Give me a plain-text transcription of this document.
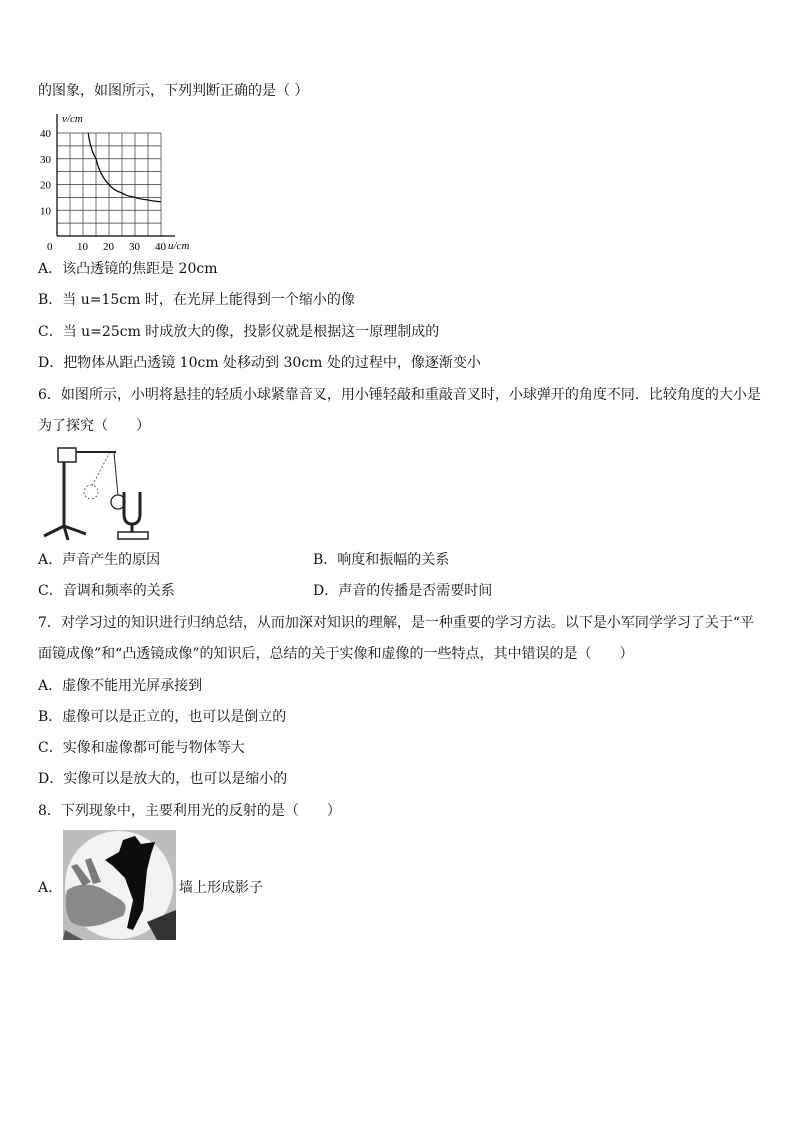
的图象，如图所示，下列判断正确的是（ ）
0 10 20 30 40
10
20
30
40
v/cm
u/cm
A．该凸透镜的焦距是 20cm
B．当 u=15cm 时，在光屏上能得到一个缩小的像
C．当 u=25cm 时成放大的像，投影仪就是根据这一原理制成的
D．把物体从距凸透镜 10cm 处移动到 30cm 处的过程中，像逐渐变小
6．如图所示，小明将悬挂的轻质小球紧靠音叉，用小锤轻敲和重敲音叉时，小球弹开的角度不同．比较角度的大小是
为了探究（　　）
A．声音产生的原因	B．响度和振幅的关系
C．音调和频率的关系	D．声音的传播是否需要时间
7．对学习过的知识进行归纳总结，从而加深对知识的理解，是一种重要的学习方法。以下是小军同学学习了关于“平
面镜成像”和“凸透镜成像”的知识后，总结的关于实像和虚像的一些特点，其中错误的是（　　）
A．虚像不能用光屏承接到
B．虚像可以是正立的，也可以是倒立的
C．实像和虚像都可能与物体等大
D．实像可以是放大的，也可以是缩小的
8．下列现象中，主要利用光的反射的是（　　）
A．	墙上形成影子
